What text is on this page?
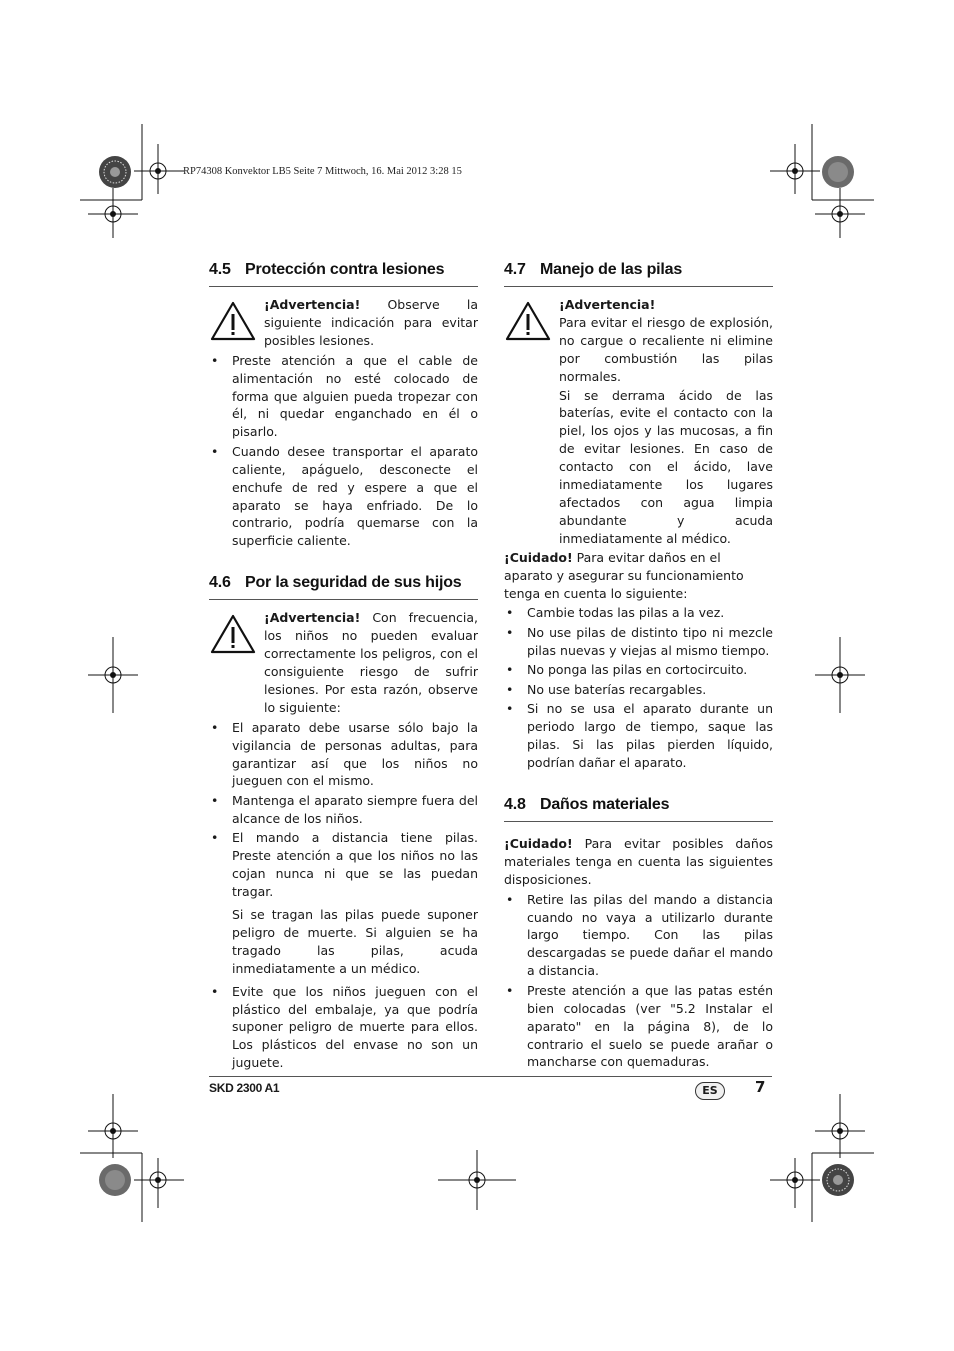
RP74308 Konvektor LB5 Seite 7 Mittwoch, 16. Mai 2012 3:28 15
4.5 Protección contra lesiones

¡Advertencia! Observe la siguiente indicación para evitar posibles lesiones.

• Preste atención a que el cable de alimentación no esté colocado de forma que alguien pueda tropezar con él, ni quedar enganchado en él o pisarlo.
• Cuando desee transportar el aparato caliente, apáguelo, desconecte el enchufe de red y espere a que el aparato se haya enfriado. De lo contrario, podría quemarse con la superficie caliente.
4.6 Por la seguridad de sus hijos

¡Advertencia! Con frecuencia, los niños no pueden evaluar correctamente los peligros, con el consiguiente riesgo de sufrir lesiones. Por esta razón, observe lo siguiente:

• El aparato debe usarse sólo bajo la vigilancia de personas adultas, para garantizar así que los niños no jueguen con el mismo.
• Mantenga el aparato siempre fuera del alcance de los niños.
• El mando a distancia tiene pilas. Preste atención a que los niños no las cojan nunca ni que se las puedan tragar.

Si se tragan las pilas puede suponer peligro de muerte. Si alguien se ha tragado las pilas, acuda inmediatamente a un médico.

• Evite que los niños jueguen con el plástico del embalaje, ya que podría suponer peligro de muerte para ellos. Los plásticos del envase no son un juguete.
4.7 Manejo de las pilas

¡Advertencia!

Para evitar el riesgo de explosión, no cargue o recaliente ni elimine por combustión las pilas normales.

Si se derrama ácido de las baterías, evite el contacto con la piel, los ojos y las mucosas, a fin de evitar lesiones. En caso de contacto con el ácido, lave inmediatamente los lugares afectados con agua limpia abundante y acuda inmediatamente al médico.

¡Cuidado! Para evitar daños en el aparato y asegurar su funcionamiento tenga en cuenta lo siguiente:

• Cambie todas las pilas a la vez.
• No use pilas de distinto tipo ni mezcle pilas nuevas y viejas al mismo tiempo.
• No ponga las pilas en cortocircuito.
• No use baterías recargables.
• Si no se usa el aparato durante un periodo largo de tiempo, saque las pilas. Si las pilas pierden líquido, podrían dañar el aparato.
4.8 Daños materiales

¡Cuidado! Para evitar posibles daños materiales tenga en cuenta las siguientes disposiciones.

• Retire las pilas del mando a distancia cuando no vaya a utilizarlo durante largo tiempo. Con las pilas descargadas se puede dañar el mando a distancia.
• Preste atención a que las patas estén bien colocadas (ver "5.2 Instalar el aparato" en la página 8), de lo contrario el suelo se puede arañar o mancharse con quemaduras.
SKD 2300 A1	ES	7
